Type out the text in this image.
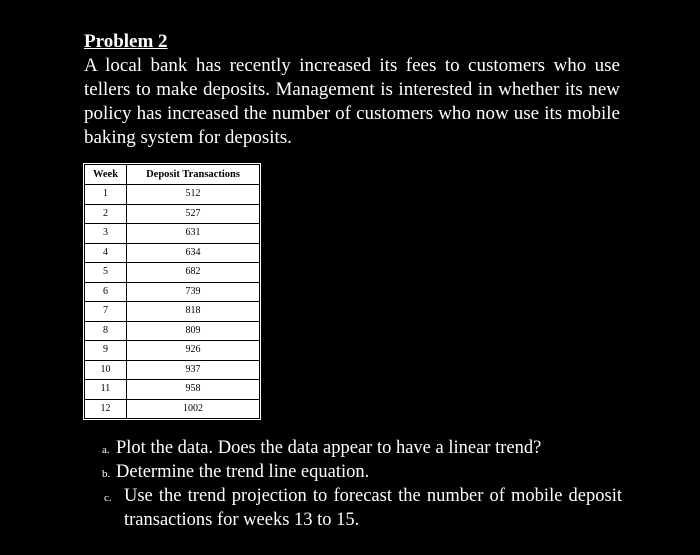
Problem 2

A local bank has recently increased its fees to customers who use tellers to make deposits. Management is interested in whether its new policy has increased the number of customers who now use its mobile baking system for deposits.

Week	Deposit Transactions
1	512
2	527
3	631
4	634
5	682
6	739
7	818
8	809
9	926
10	937
11	958
12	1002

a. Plot the data. Does the data appear to have a linear trend?

b. Determine the trend line equation.

c. Use the trend projection to forecast the number of mobile deposit transactions for weeks 13 to 15.
